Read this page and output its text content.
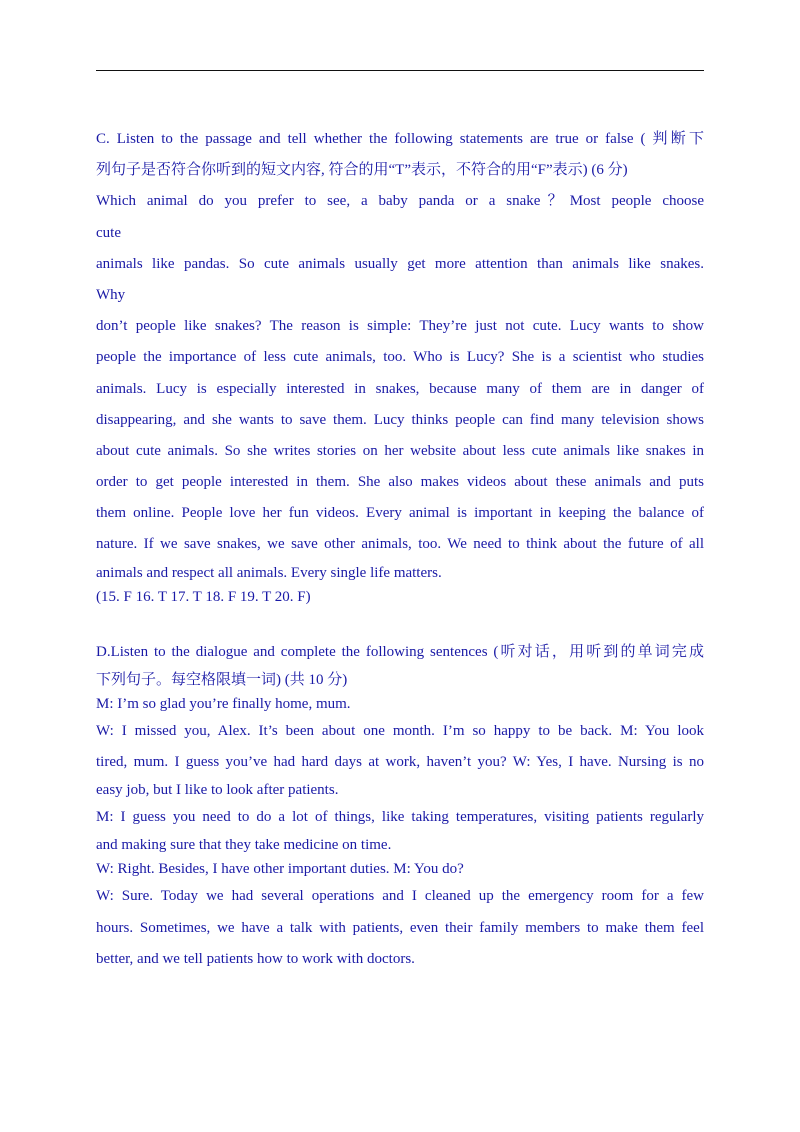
C. Listen to the passage and tell whether the following statements are true or false ( 判断下
列句子是否符合你听到的短文内容, 符合的用“T”表示，不符合的用“F”表示) (6 分)
Which animal do you prefer to see, a baby panda or a snake？Most people choose
cute
animals like pandas. So cute animals usually get more attention than animals like snakes.
Why
don’t people like snakes? The reason is simple: They’re just not cute. Lucy wants to show
people the importance of less cute animals, too. Who is Lucy? She is a scientist who studies
animals. Lucy is especially interested in snakes, because many of them are in danger of
disappearing, and she wants to save them. Lucy thinks people can find many television shows
about cute animals. So she writes stories on her website about less cute animals like snakes in
order to get people interested in them. She also makes videos about these animals and puts
them online. People love her fun videos. Every animal is important in keeping the balance of
nature. If we save snakes, we save other animals, too. We need to think about the future of all
animals and respect all animals. Every single life matters.
(15. F 16. T 17. T 18. F 19. T 20. F)
D.Listen to the dialogue and complete the following sentences (听对话，用听到的单词完成
下列句子。每空格限填一词) (共 10 分)
M: I’m so glad you’re finally home, mum.
W: I missed you, Alex. It’s been about one month. I’m so happy to be back. M: You look
tired, mum. I guess you’ve had hard days at work, haven’t you? W: Yes, I have. Nursing is no
easy job, but I like to look after patients.
M: I guess you need to do a lot of things, like taking temperatures, visiting patients regularly
and making sure that they take medicine on time.
W: Right. Besides, I have other important duties. M: You do?
W: Sure. Today we had several operations and I cleaned up the emergency room for a few
hours. Sometimes, we have a talk with patients, even their family members to make them feel
better, and we tell patients how to work with doctors.
